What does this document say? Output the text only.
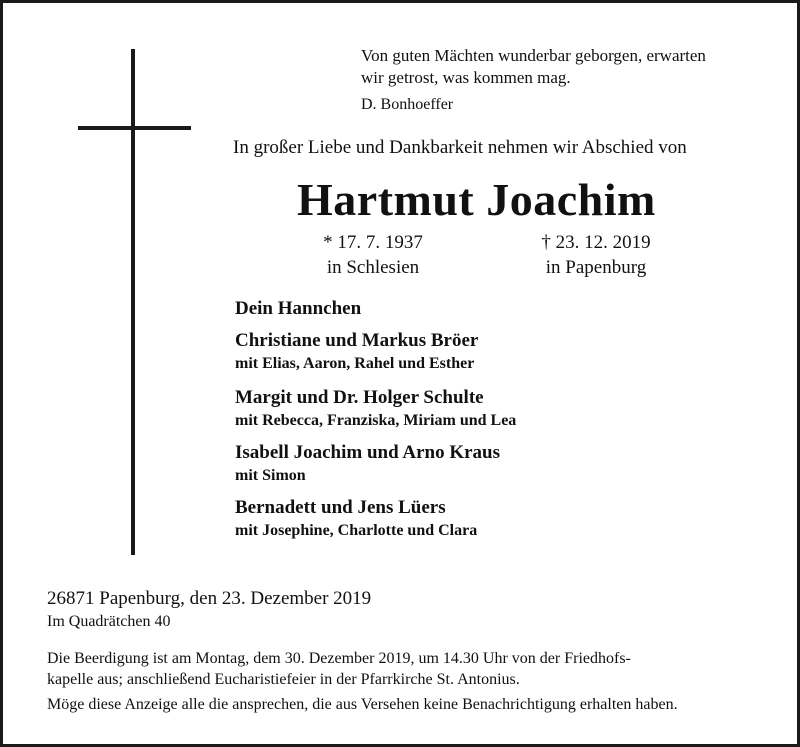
Von guten Mächten wunderbar geborgen, erwarten
wir getrost, was kommen mag.
D. Bonhoeffer
In großer Liebe und Dankbarkeit nehmen wir Abschied von
Hartmut Joachim
* 17. 7. 1937
in Schlesien
† 23. 12. 2019
in Papenburg
Dein Hannchen
Christiane und Markus Bröer
mit Elias, Aaron, Rahel und Esther
Margit und Dr. Holger Schulte
mit Rebecca, Franziska, Miriam und Lea
Isabell Joachim und Arno Kraus
mit Simon
Bernadett und Jens Lüers
mit Josephine, Charlotte und Clara
26871 Papenburg, den 23. Dezember 2019
Im Quadrätchen 40
Die Beerdigung ist am Montag, dem 30. Dezember 2019, um 14.30 Uhr von der Friedhofs-
kapelle aus; anschließend Eucharistiefeier in der Pfarrkirche St. Antonius.
Möge diese Anzeige alle die ansprechen, die aus Versehen keine Benachrichtigung erhalten haben.
